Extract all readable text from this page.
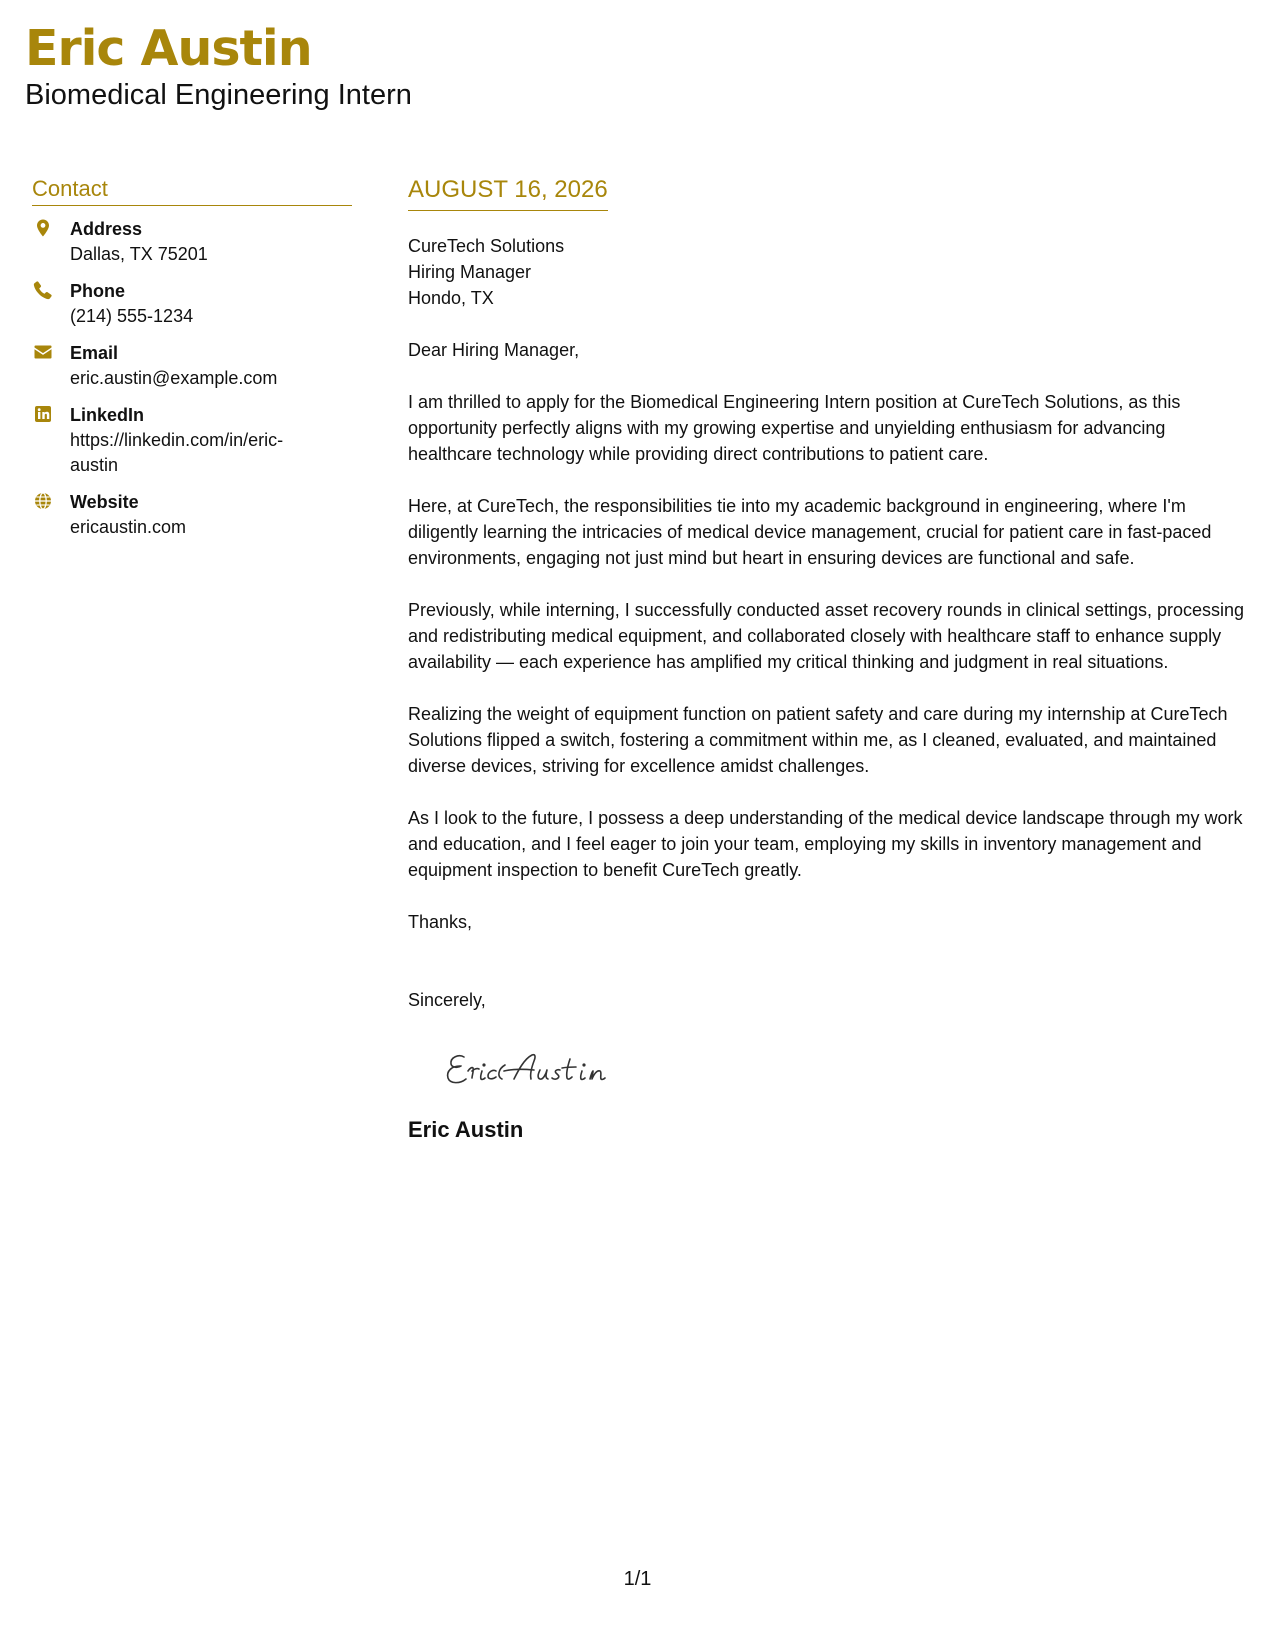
Eric Austin
Biomedical Engineering Intern
Contact
Address
Dallas, TX 75201
Phone
(214) 555-1234
Email
eric.austin@example.com
LinkedIn
https://linkedin.com/in/eric-austin
Website
ericaustin.com
AUGUST 16, 2026
CureTech Solutions
Hiring Manager
Hondo, TX

Dear Hiring Manager,

I am thrilled to apply for the Biomedical Engineering Intern position at CureTech Solutions, as this opportunity perfectly aligns with my growing expertise and unyielding enthusiasm for advancing healthcare technology while providing direct contributions to patient care.

Here, at CureTech, the responsibilities tie into my academic background in engineering, where I'm diligently learning the intricacies of medical device management, crucial for patient care in fast-paced environments, engaging not just mind but heart in ensuring devices are functional and safe.

Previously, while interning, I successfully conducted asset recovery rounds in clinical settings, processing and redistributing medical equipment, and collaborated closely with healthcare staff to enhance supply availability — each experience has amplified my critical thinking and judgment in real situations.

Realizing the weight of equipment function on patient safety and care during my internship at CureTech Solutions flipped a switch, fostering a commitment within me, as I cleaned, evaluated, and maintained diverse devices, striving for excellence amidst challenges.

As I look to the future, I possess a deep understanding of the medical device landscape through my work and education, and I feel eager to join your team, employing my skills in inventory management and equipment inspection to benefit CureTech greatly.

Thanks,

Sincerely,

Eric Austin
1/1
